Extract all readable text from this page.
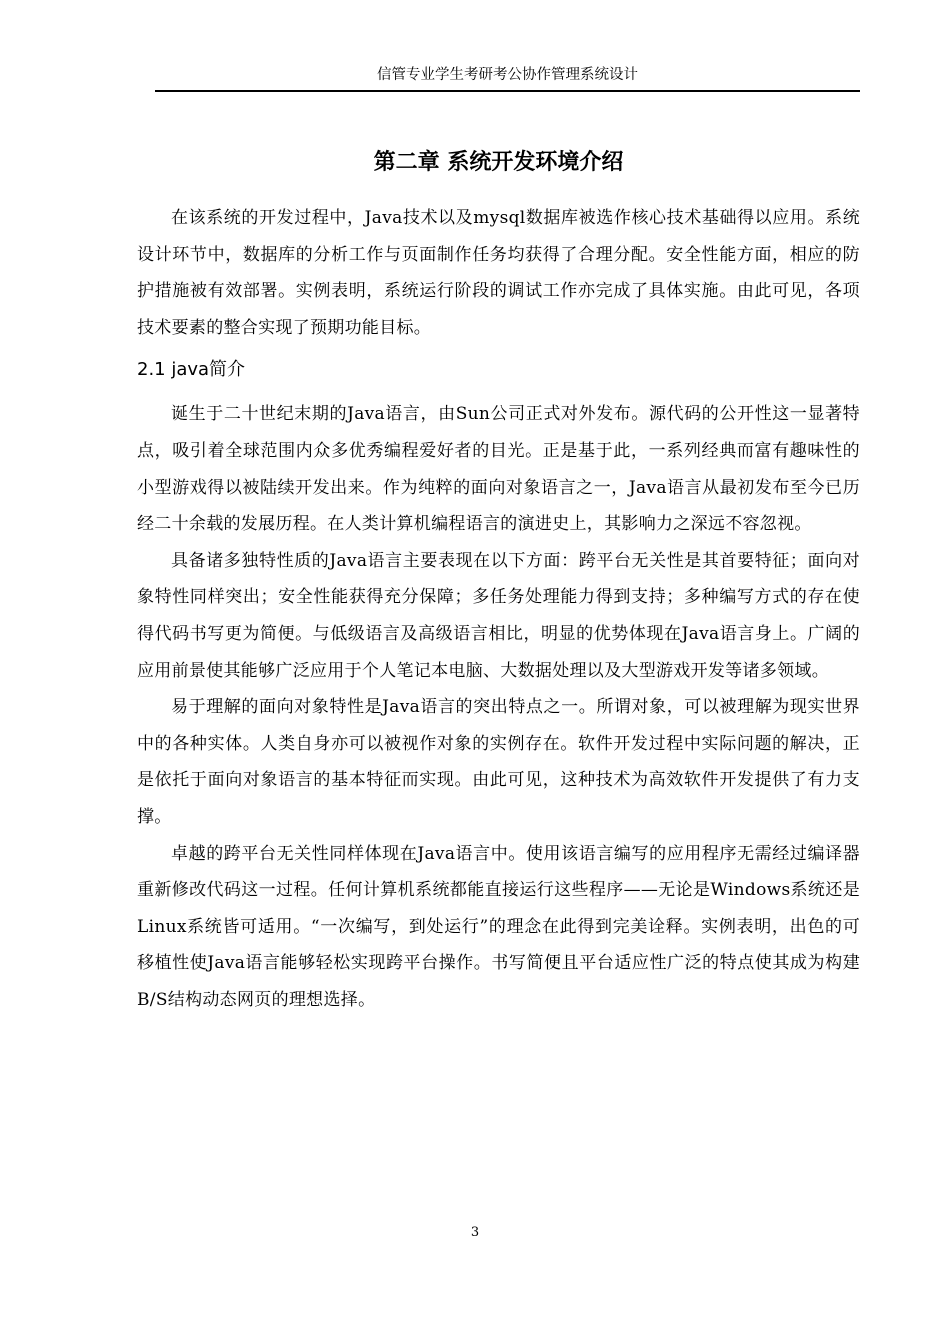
信管专业学生考研考公协作管理系统设计
第二章 系统开发环境介绍

在该系统的开发过程中，Java技术以及mysql数据库被选作核心技术基础得以应用。系统设计环节中，数据库的分析工作与页面制作任务均获得了合理分配。安全性能方面，相应的防护措施被有效部署。实例表明，系统运行阶段的调试工作亦完成了具体实施。由此可见，各项技术要素的整合实现了预期功能目标。

2.1 java简介

诞生于二十世纪末期的Java语言，由Sun公司正式对外发布。源代码的公开性这一显著特点，吸引着全球范围内众多优秀编程爱好者的目光。正是基于此，一系列经典而富有趣味性的小型游戏得以被陆续开发出来。作为纯粹的面向对象语言之一，Java语言从最初发布至今已历经二十余载的发展历程。在人类计算机编程语言的演进史上，其影响力之深远不容忽视。

具备诸多独特性质的Java语言主要表现在以下方面：跨平台无关性是其首要特征；面向对象特性同样突出；安全性能获得充分保障；多任务处理能力得到支持；多种编写方式的存在使得代码书写更为简便。与低级语言及高级语言相比，明显的优势体现在Java语言身上。广阔的应用前景使其能够广泛应用于个人笔记本电脑、大数据处理以及大型游戏开发等诸多领域。

易于理解的面向对象特性是Java语言的突出特点之一。所谓对象，可以被理解为现实世界中的各种实体。人类自身亦可以被视作对象的实例存在。软件开发过程中实际问题的解决，正是依托于面向对象语言的基本特征而实现。由此可见，这种技术为高效软件开发提供了有力支撑。

卓越的跨平台无关性同样体现在Java语言中。使用该语言编写的应用程序无需经过编译器重新修改代码这一过程。任何计算机系统都能直接运行这些程序——无论是Windows系统还是Linux系统皆可适用。“一次编写，到处运行”的理念在此得到完美诠释。实例表明，出色的可移植性使Java语言能够轻松实现跨平台操作。书写简便且平台适应性广泛的特点使其成为构建B/S结构动态网页的理想选择。

3
